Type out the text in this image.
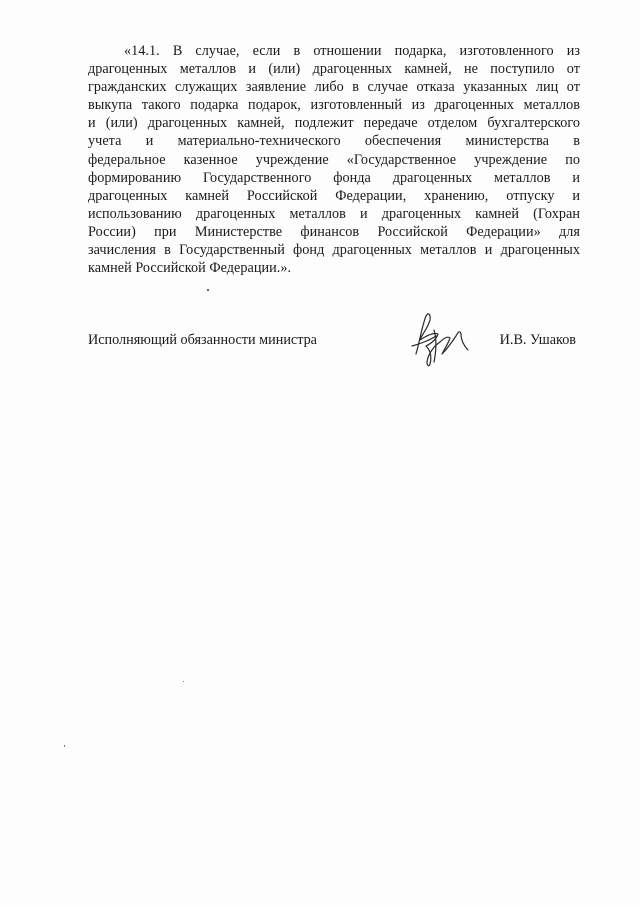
«14.1. В случае, если в отношении подарка, изготовленного из
драгоценных металлов и (или) драгоценных камней, не поступило от
гражданских служащих заявление либо в случае отказа указанных лиц от
выкупа такого подарка подарок, изготовленный из драгоценных металлов
и (или) драгоценных камней, подлежит передаче отделом бухгалтерского
учета и материально-технического обеспечения министерства в
федеральное казенное учреждение «Государственное учреждение по
формированию Государственного фонда драгоценных металлов и
драгоценных камней Российской Федерации, хранению, отпуску и
использованию драгоценных металлов и драгоценных камней (Гохран
России) при Министерстве финансов Российской Федерации» для
зачисления в Государственный фонд драгоценных металлов и драгоценных
камней Российской Федерации.».
Исполняющий обязанности министра	И.В. Ушаков
